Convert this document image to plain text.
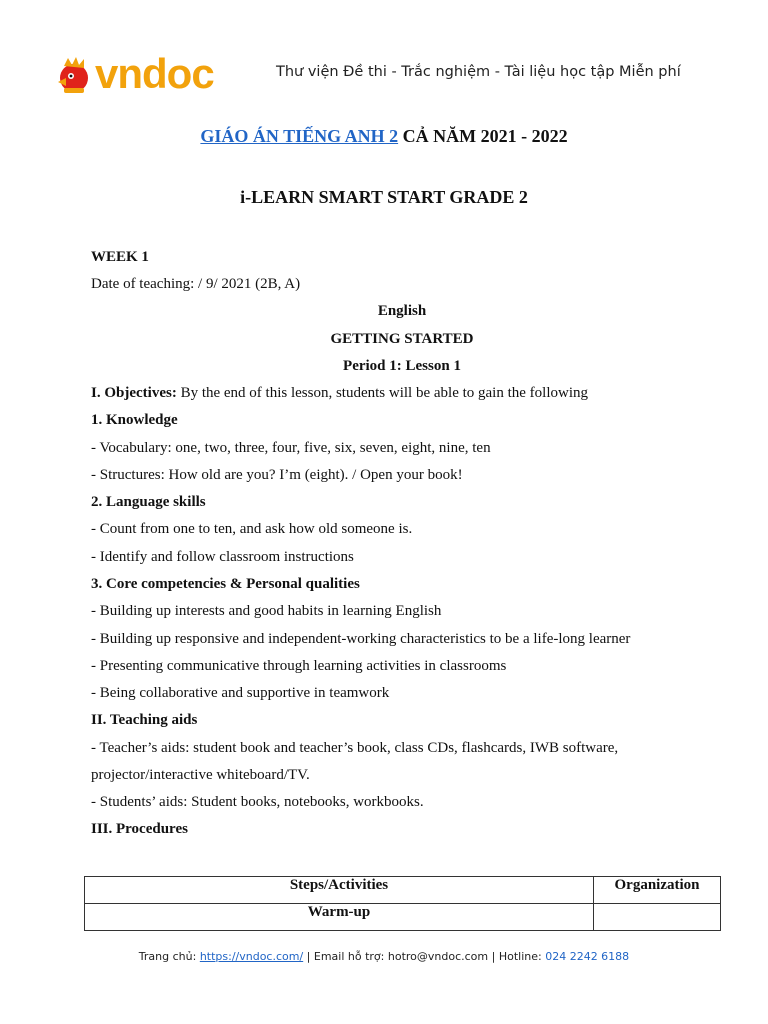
vndoc	Thư viện Đề thi - Trắc nghiệm - Tài liệu học tập Miễn phí
GIÁO ÁN TIẾNG ANH 2 CẢ NĂM 2021 - 2022
i-LEARN SMART START GRADE 2
WEEK 1
Date of teaching: / 9/ 2021 (2B, A)
English
GETTING STARTED
Period 1: Lesson 1
I. Objectives: By the end of this lesson, students will be able to gain the following
1. Knowledge
- Vocabulary: one, two, three, four, five, six, seven, eight, nine, ten
- Structures: How old are you? I’m (eight). / Open your book!
2. Language skills
- Count from one to ten, and ask how old someone is.
- Identify and follow classroom instructions
3. Core competencies & Personal qualities
- Building up interests and good habits in learning English
- Building up responsive and independent-working characteristics to be a life-long learner
- Presenting communicative through learning activities in classrooms
- Being collaborative and supportive in teamwork
II. Teaching aids
- Teacher’s aids: student book and teacher’s book, class CDs, flashcards, IWB software,
projector/interactive whiteboard/TV.
- Students’ aids: Student books, notebooks, workbooks.
III. Procedures
Steps/Activities	Organization
Warm-up	
Trang chủ: https://vndoc.com/ | Email hỗ trợ: hotro@vndoc.com | Hotline: 024 2242 6188
